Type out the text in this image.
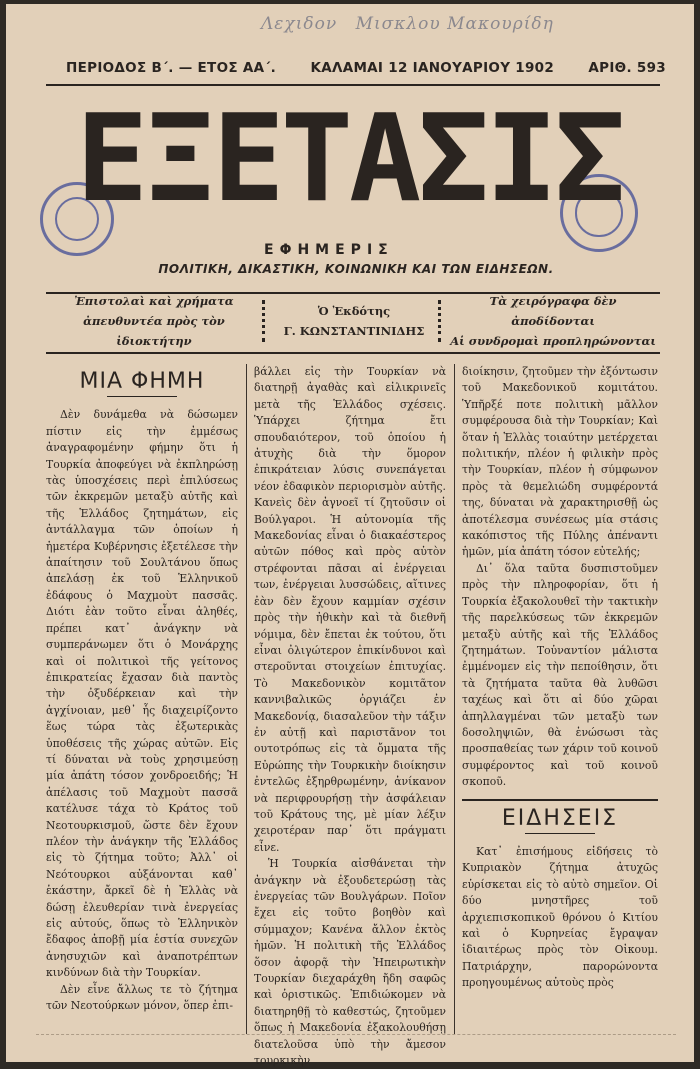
Λεχιδον Μισκλου Μακουρίδη
ΠΕΡΙΟΔΟΣ Β΄. — ΕΤΟΣ ΑΑ΄.	ΚΑΛΑΜΑΙ 12 ΙΑΝΟΥΑΡΙΟΥ 1902	ΑΡΙΘ. 593
ΕΞΕΤΑΣΙΣ
ΕΦΗΜΕΡΙΣ
ΠΟΛΙΤΙΚΗ, ΔΙΚΑΣΤΙΚΗ, ΚΟΙΝΩΝΙΚΗ ΚΑΙ ΤΩΝ ΕΙΔΗΣΕΩΝ.
Ἐπιστολαὶ καὶ χρήματα
ἀπευθυντέα πρὸς τὸν ἰδιοκτήτην
Ὁ Ἐκδότης
Γ. ΚΩΝΣΤΑΝΤΙΝΙΔΗΣ
Τὰ χειρόγραφα δὲν ἀποδίδονται
Αἱ συνδρομαὶ προπληρώνονται
ΜΙΑ ΦΗΜΗ

Δὲν δυνάμεθα νὰ δώσωμεν πίστιν εἰς τὴν ἐμμέσως ἀναγραφομένην φήμην ὅτι ἡ Τουρκία ἀποφεύγει νὰ ἐκπληρώσῃ τὰς ὑποσχέσεις περὶ ἐπιλύσεως τῶν ἐκκρεμῶν μεταξὺ αὐτῆς καὶ τῆς Ἑλλάδος ζητημάτων, εἰς ἀντάλλαγμα τῶν ὁποίων ἡ ἡμετέρα Κυβέρνησις ἐξετέλεσε τὴν ἀπαίτησιν τοῦ Σουλτάνου ὅπως ἀπελάσῃ ἐκ τοῦ Ἑλληνικοῦ ἐδάφους ὁ Μαχμοὺτ πασσᾶς. Διότι ἐὰν τοῦτο εἶναι ἀληθές, πρέπει κατ᾽ ἀνάγκην νὰ συμπεράνωμεν ὅτι ὁ Μονάρχης καὶ οἱ πολιτικοὶ τῆς γείτονος ἐπικρατείας ἔχασαν διὰ παντὸς τὴν ὀξυδέρκειαν καὶ τὴν ἀγχίνοιαν, μεθ᾽ ἧς διαχειρίζοντο ἕως τώρα τὰς ἐξωτερικὰς ὑποθέσεις τῆς χώρας αὐτῶν. Εἰς τί δύναται νὰ τοὺς χρησιμεύσῃ μία ἀπάτη τόσον χονδροειδής; Ἡ ἀπέλασις τοῦ Μαχμοὺτ πασσᾶ κατέλυσε τάχα τὸ Κράτος τοῦ Νεοτουρκισμοῦ, ὥστε δὲν ἔχουν πλέον τὴν ἀνάγκην τῆς Ἑλλάδος εἰς τὸ ζήτημα τοῦτο; Ἀλλ᾽ οἱ Νεότουρκοι αὐξάνονται καθ᾽ ἑκάστην, ἄρκεῖ δὲ ἡ Ἑλλὰς νὰ δώσῃ ἐλευθερίαν τινὰ ἐνεργείας εἰς αὐτούς, ὅπως τὸ Ἑλληνικὸν ἔδαφος ἀποβῇ μία ἑστία συνεχῶν ἀνησυχιῶν καὶ ἀναποτρέπτων κινδύνων διὰ τὴν Τουρκίαν.

Δὲν εἶνε ἄλλως τε τὸ ζήτημα τῶν Νεοτούρκων μόνον, ὅπερ ἐπι-

βάλλει εἰς τὴν Τουρκίαν νὰ διατηρῇ ἀγαθὰς καὶ εἰλικρινεῖς μετὰ τῆς Ἑλλάδος σχέσεις. Ὑπάρχει ζήτημα ἔτι σπουδαιότερον, τοῦ ὁποίου ἡ ἀτυχὴς διὰ τὴν ὅμορον ἐπικράτειαν λύσις συνεπάγεται νέον ἐδαφικὸν περιορισμὸν αὐτῆς. Κανεὶς δὲν ἀγνοεῖ τί ζητοῦσιν οἱ Βούλγαροι. Ἡ αὐτονομία τῆς Μακεδονίας εἶναι ὁ διακαέστερος αὐτῶν πόθος καὶ πρὸς αὐτὸν στρέφονται πᾶσαι αἱ ἐνέργειαι των, ἐνέργειαι λυσσώδεις, αἵτινες ἐὰν δὲν ἔχουν καμμίαν σχέσιν πρὸς τὴν ἠθικὴν καὶ τὰ διεθνῆ νόμιμα, δὲν ἔπεται ἐκ τούτου, ὅτι εἶναι ὀλιγώτερον ἐπικίνδυνοι καὶ στεροῦνται στοιχείων ἐπιτυχίας. Τὸ Μακεδονικὸν κομιτᾶτον καννιβαλικῶς ὀργιάζει ἐν Μακεδονίᾳ, διασαλεῦον τὴν τάξιν ἐν αὐτῇ καὶ παριστᾶνον τοι ουτοτρόπως εἰς τὰ ὄμματα τῆς Εὐρώπης τὴν Τουρκικὴν διοίκησιν ἐντελῶς ἐξηρθρωμένην, ἀνίκανον νὰ περιφρουρήσῃ τὴν ἀσφάλειαν τοῦ Κράτους της, μὲ μίαν λέξιν χειροτέραν παρ᾽ ὅτι πράγματι εἶνε.

Ἡ Τουρκία αἰσθάνεται τὴν ἀνάγκην νὰ ἐξουδετερώσῃ τὰς ἐνεργείας τῶν Βουλγάρων. Ποῖον ἔχει εἰς τοῦτο βοηθὸν καὶ σύμμαχον; Κανένα ἄλλον ἐκτὸς ἡμῶν. Ἡ πολιτικὴ τῆς Ἑλλάδος ὅσον ἀφορᾷ τὴν Ἠπειρωτικὴν Τουρκίαν διεχαράχθη ἤδη σαφῶς καὶ ὁριστικῶς. Ἐπιδιώκομεν νὰ διατηρηθῇ τὸ καθεστώς, ζητοῦμεν ὅπως ἡ Μακεδονία ἐξακολουθήσῃ διατελοῦσα ὑπὸ τὴν ἄμεσον τουρκικὴν

διοίκησιν, ζητοῦμεν τὴν ἐξόντωσιν τοῦ Μακεδονικοῦ κομιτάτου. Ὑπῆρξέ ποτε πολιτικὴ μᾶλλον συμφέρουσα διὰ τὴν Τουρκίαν; Καὶ ὅταν ἡ Ἑλλὰς τοιαύτην μετέρχεται πολιτικήν, πλέον ἡ φιλικὴν πρὸς τὴν Τουρκίαν, πλέον ἡ σύμφωνον πρὸς τὰ θεμελιώδη συμφέροντά της, δύναται νὰ χαρακτηρισθῇ ὡς ἀποτέλεσμα συνέσεως μία στάσις κακόπιστος τῆς Πύλης ἀπέναντι ἡμῶν, μία ἀπάτη τόσον εὐτελής;

Δι᾽ ὅλα ταῦτα δυσπιστοῦμεν πρὸς τὴν πληροφορίαν, ὅτι ἡ Τουρκία ἐξακολουθεῖ τὴν τακτικὴν τῆς παρελκύσεως τῶν ἐκκρεμῶν μεταξὺ αὐτῆς καὶ τῆς Ἑλλάδος ζητημάτων. Τοὐναντίον μάλιστα ἐμμένομεν εἰς τὴν πεποίθησιν, ὅτι τὰ ζητήματα ταῦτα θὰ λυθῶσι ταχέως καὶ ὅτι αἱ δύο χῶραι ἀπηλλαγμέναι τῶν μεταξὺ των δοσοληψιῶν, θὰ ἑνώσωσι τὰς προσπαθείας των χάριν τοῦ κοινοῦ συμφέροντος καὶ τοῦ κοινοῦ σκοποῦ.

ΕΙΔΗΣΕΙΣ

Κατ᾽ ἐπισήμους εἰδήσεις τὸ Κυπριακὸν ζήτημα ἀτυχῶς εὑρίσκεται εἰς τὸ αὐτὸ σημεῖον. Οἱ δύο μνηστῆρες τοῦ ἀρχιεπισκοπικοῦ θρόνου ὁ Κιτίου καὶ ὁ Κυρηνείας ἔγραψαν ἰδιαιτέρως πρὸς τὸν Οἰκουμ. Πατριάρχην, παρορώνοντα προηγουμένως αὐτοὺς πρὸς
